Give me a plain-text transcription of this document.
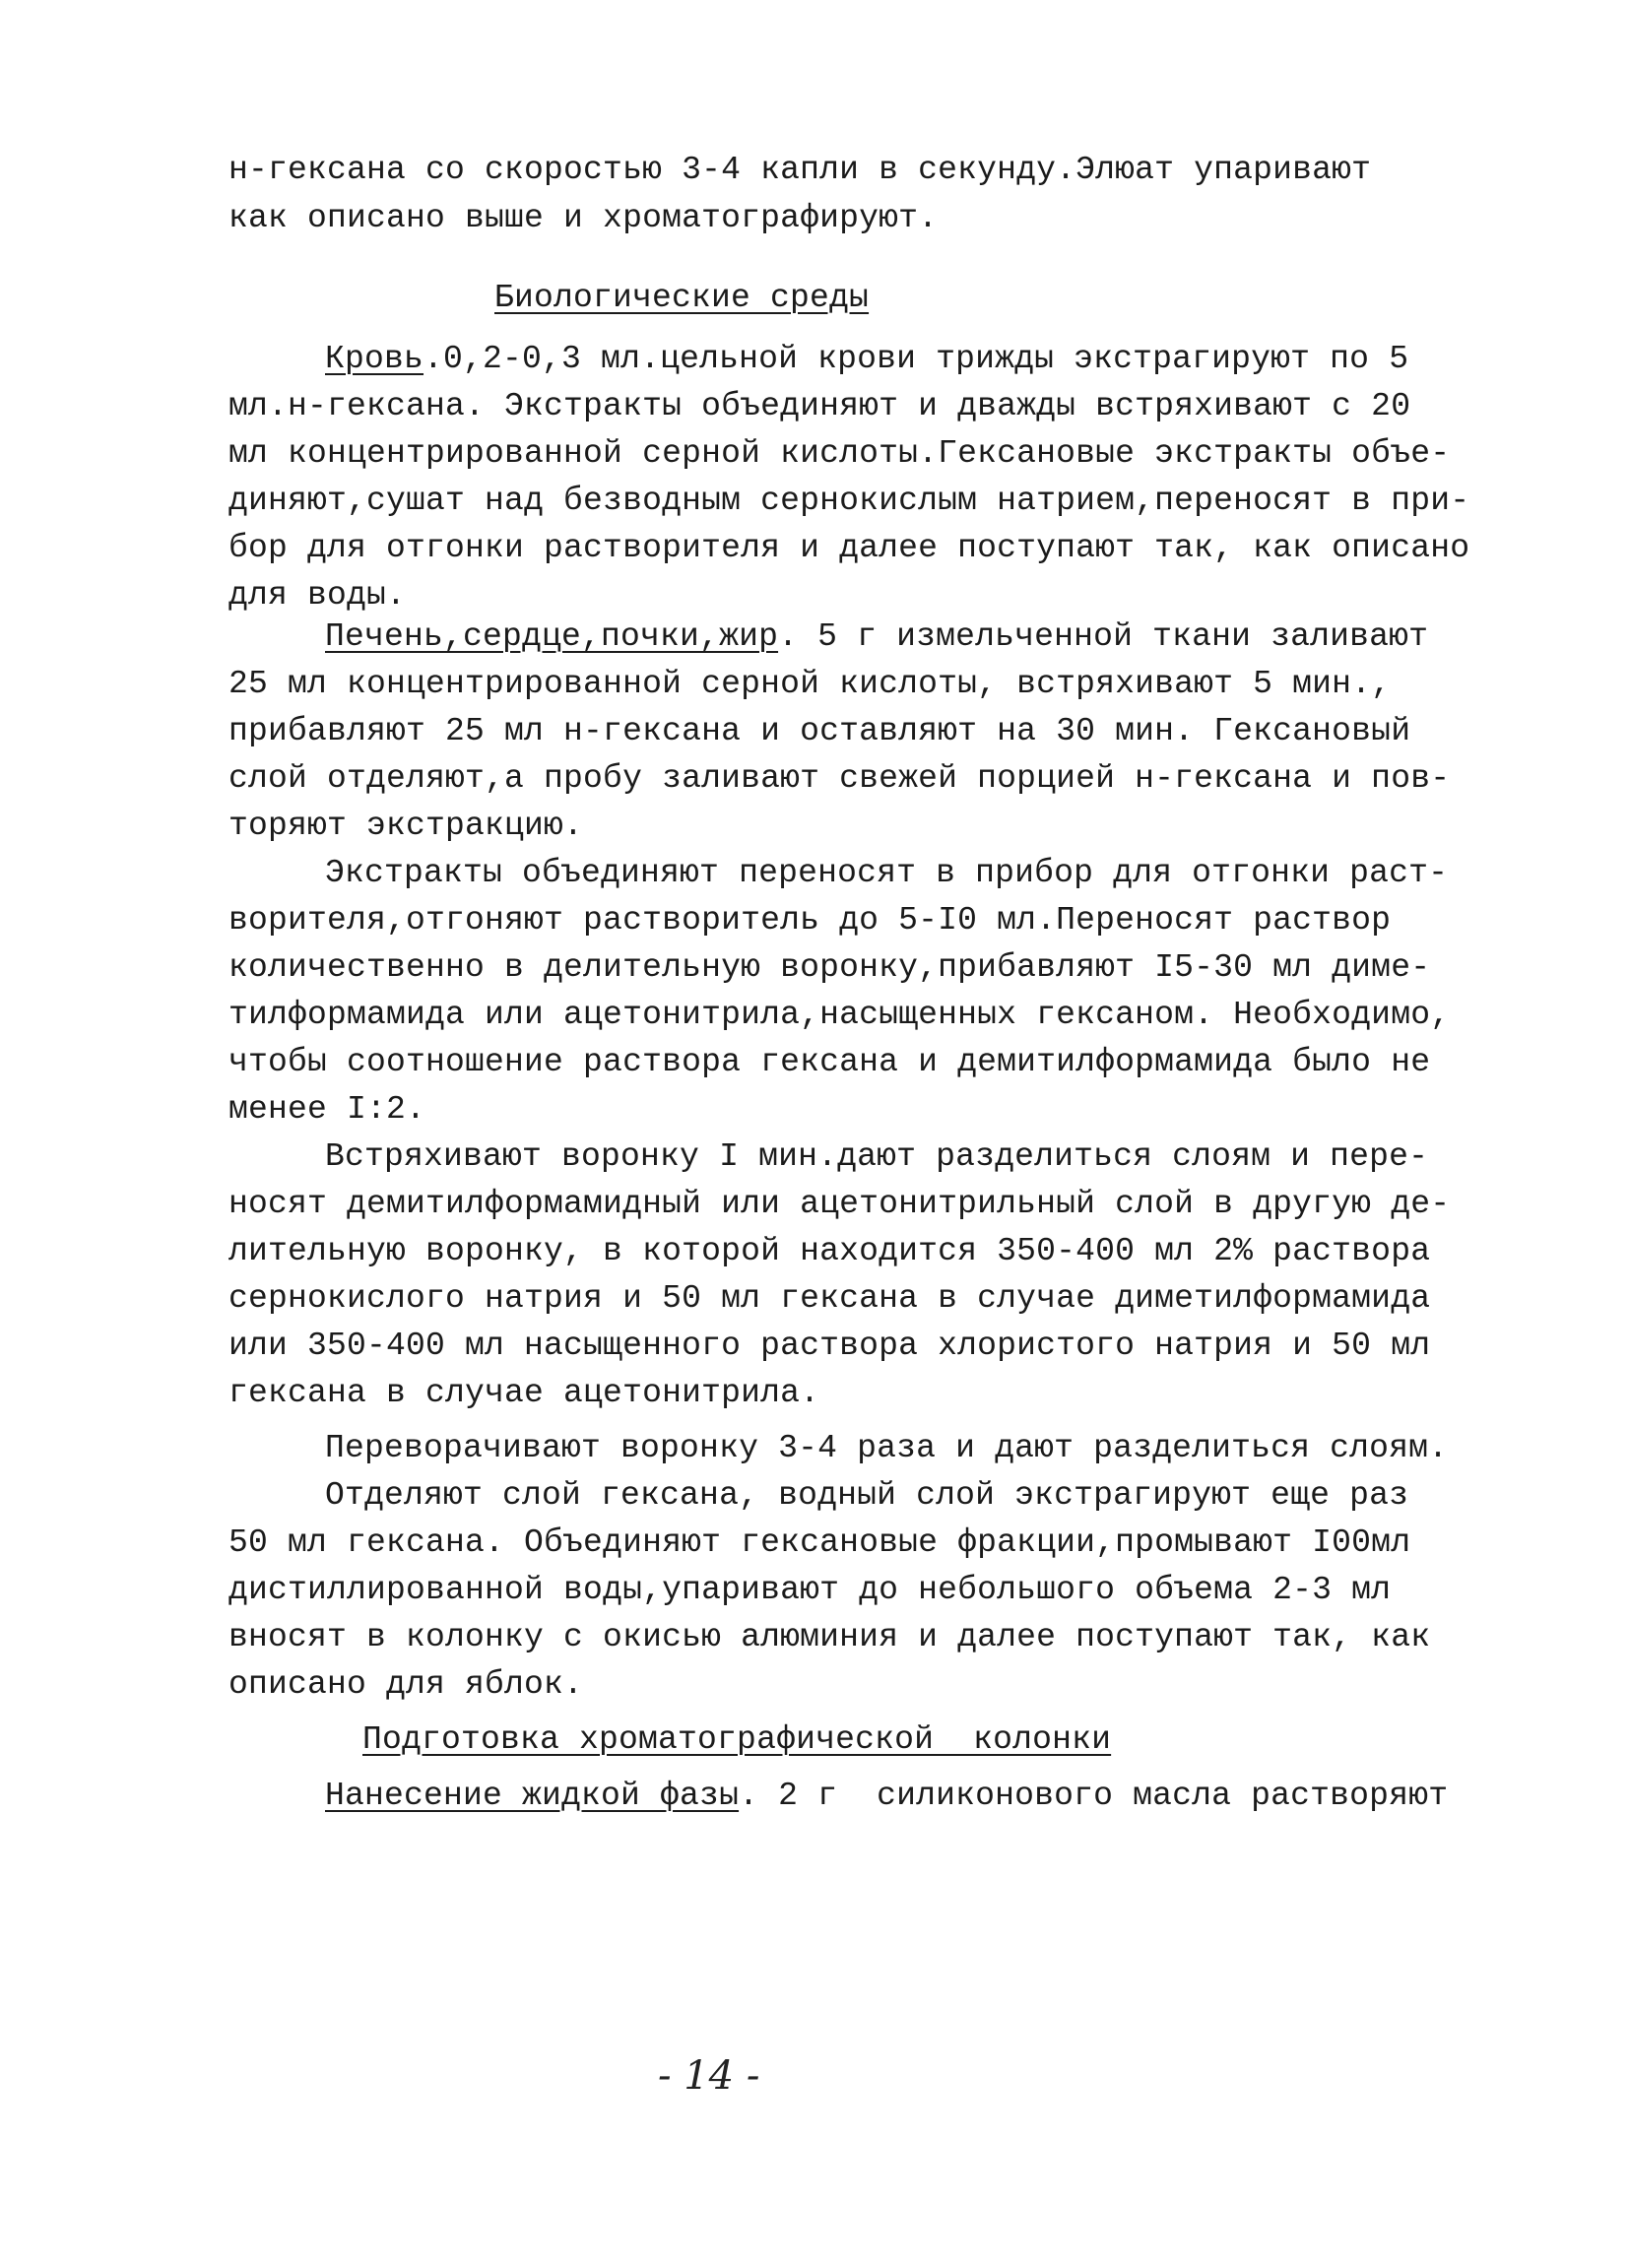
н-гексана со скоростью 3-4 капли в секунду.Элюат упаривают
как описано выше и хроматографируют.
Биологические среды
Кровь.0,2-0,3 мл.цельной крови трижды экстрагируют по 5
мл.н-гексана. Экстракты объединяют и дважды встряхивают с 20
мл концентрированной серной кислоты.Гексановые экстракты объе-
диняют,сушат над безводным сернокислым натрием,переносят в при-
бор для отгонки растворителя и далее поступают так, как описано
для воды.
Печень,сердце,почки,жир. 5 г измельченной ткани заливают
25 мл концентрированной серной кислоты, встряхивают 5 мин.,
прибавляют 25 мл н-гексана и оставляют на 30 мин. Гексановый
слой отделяют,а пробу заливают свежей порцией н-гексана и пов-
торяют экстракцию.
Экстракты объединяют переносят в прибор для отгонки раст-
ворителя,отгоняют растворитель до 5-I0 мл.Переносят раствор
количественно в делительную воронку,прибавляют I5-30 мл диме-
тилформамида или ацетонитрила,насыщенных гексаном. Необходимо,
чтобы соотношение раствора гексана и демитилформамида было не
менее I:2.
Встряхивают воронку I мин.дают разделиться слоям и пере-
носят демитилформамидный или ацетонитрильный слой в другую де-
лительную воронку, в которой находится 350-400 мл 2% раствора
сернокислого натрия и 50 мл гексана в случае диметилформамида
или 350-400 мл насыщенного раствора хлористого натрия и 50 мл
гексана в случае ацетонитрила.
Переворачивают воронку 3-4 раза и дают разделиться слоям.
Отделяют слой гексана, водный слой экстрагируют еще раз
50 мл гексана. Объединяют гексановые фракции,промывают I00мл
дистиллированной воды,упаривают до небольшого объема 2-3 мл
вносят в колонку с окисью алюминия и далее поступают так, как
описано для яблок.
Подготовка хроматографической  колонки
Нанесение жидкой фазы. 2 г  силиконового масла растворяют
- 14 -
